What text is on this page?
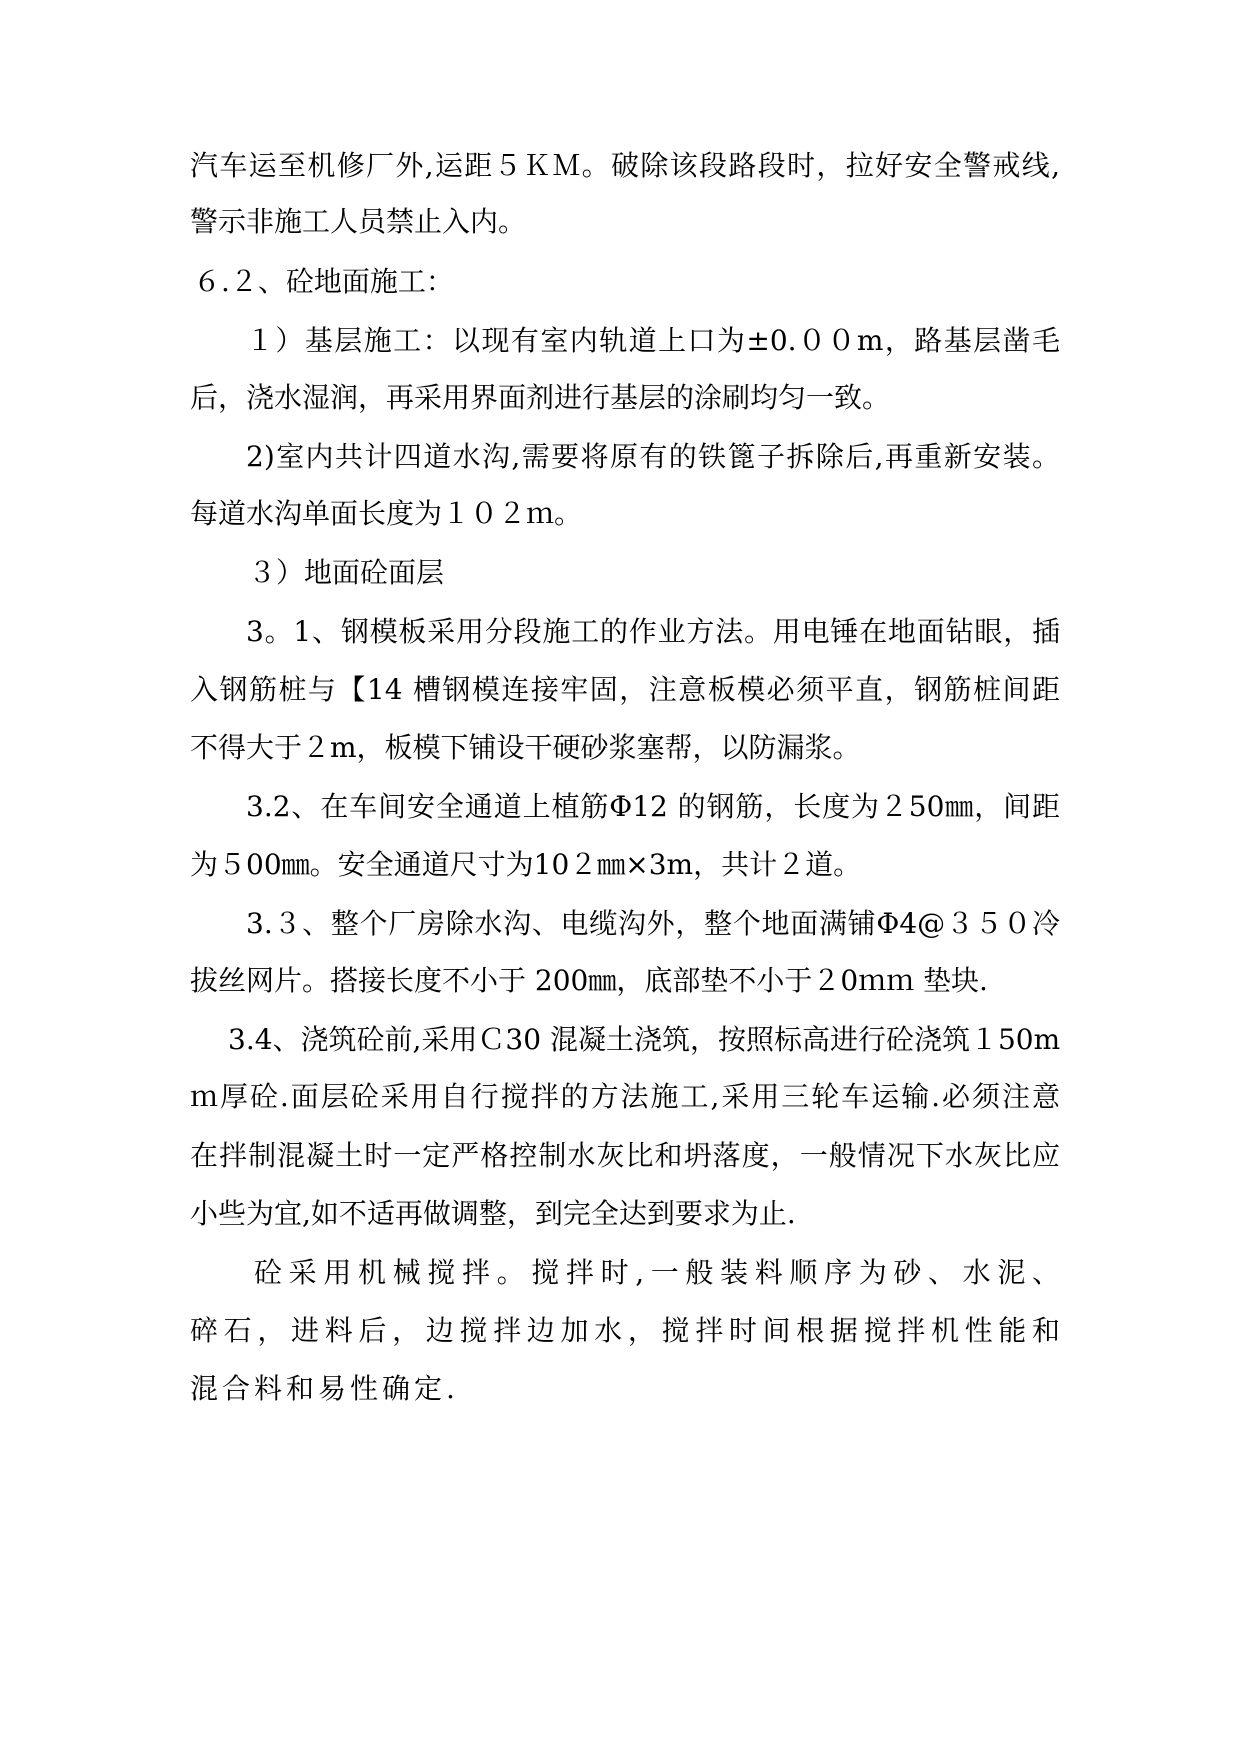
汽车运至机修厂外,运距５ＫＭ。破除该段路段时，拉好安全警戒线,
警示非施工人员禁止入内。
６.２、砼地面施工：
１）基层施工：以现有室内轨道上口为±0.００m，路基层凿毛
后，浇水湿润，再采用界面剂进行基层的涂刷均匀一致。
2)室内共计四道水沟,需要将原有的铁篦子拆除后,再重新安装。
每道水沟单面长度为１０２ｍ。
３）地面砼面层
3。1、钢模板采用分段施工的作业方法。用电锤在地面钻眼，插
入钢筋桩与【14 槽钢模连接牢固，注意板模必须平直，钢筋桩间距
不得大于２m，板模下铺设干硬砂浆塞帮，以防漏浆。
3.2、在车间安全通道上植筋Φ12 的钢筋，长度为２50㎜，间距
为５00㎜。安全通道尺寸为10２㎜×3m，共计２道。
3.３、整个厂房除水沟、电缆沟外，整个地面满铺Φ4@３５０冷
拔丝网片。搭接长度不小于 200㎜，底部垫不小于２0ｍｍ 垫块.
3.4、浇筑砼前,采用Ｃ30 混凝土浇筑，按照标高进行砼浇筑１50m
ｍ厚砼.面层砼采用自行搅拌的方法施工,采用三轮车运输.必须注意
在拌制混凝土时一定严格控制水灰比和坍落度，一般情况下水灰比应
小些为宜,如不适再做调整，到完全达到要求为止.
砼采用机械搅拌。搅拌时,一般装料顺序为砂、水泥、
碎石，进料后，边搅拌边加水，搅拌时间根据搅拌机性能和
混合料和易性确定.
